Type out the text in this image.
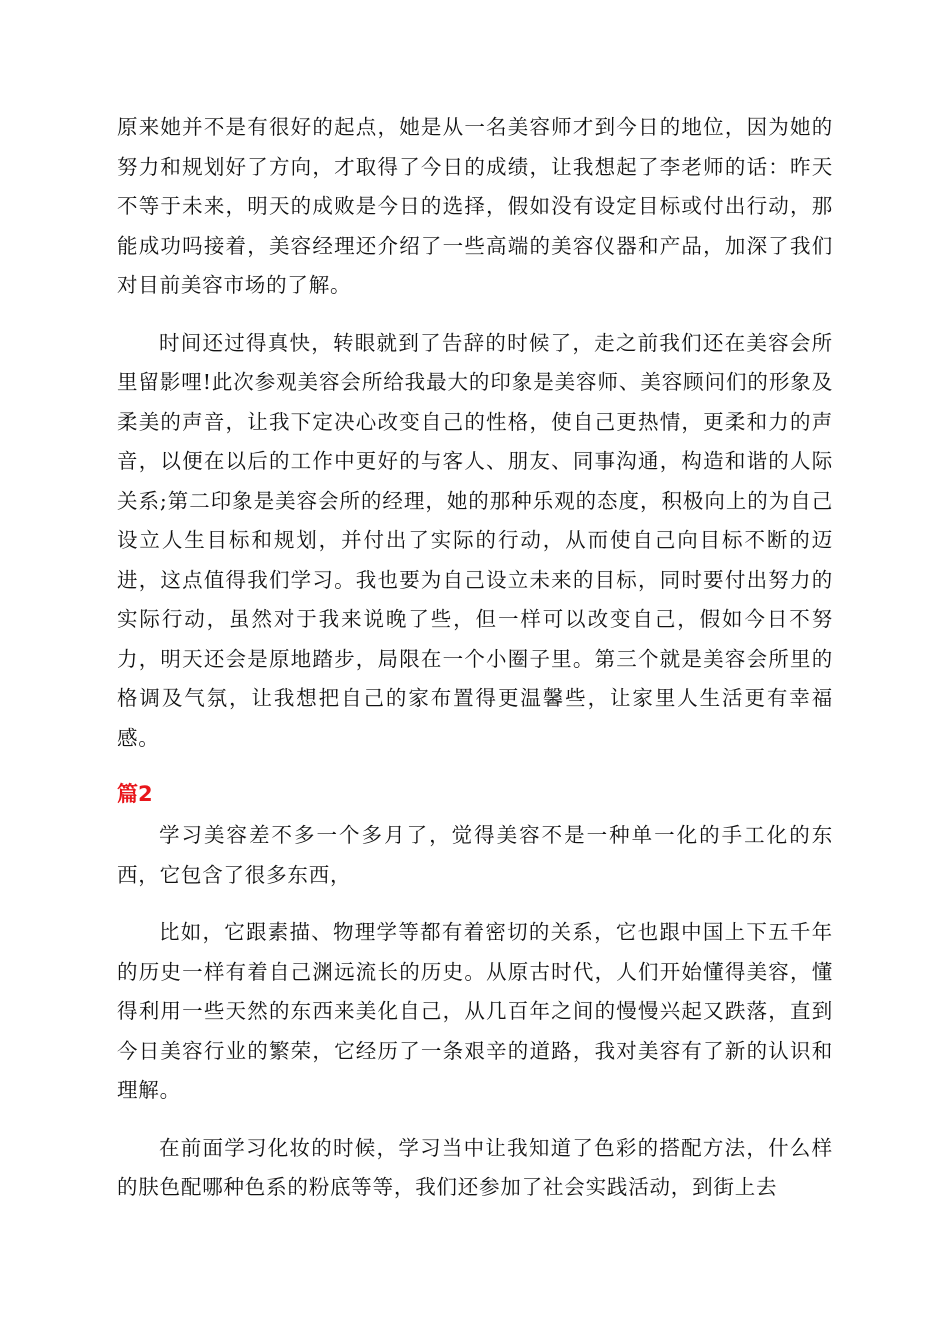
原来她并不是有很好的起点，她是从一名美容师才到今日的地位，因为她的努力和规划好了方向，才取得了今日的成绩，让我想起了李老师的话：昨天不等于未来，明天的成败是今日的选择，假如没有设定目标或付出行动，那能成功吗接着，美容经理还介绍了一些高端的美容仪器和产品，加深了我们对目前美容市场的了解。

时间还过得真快，转眼就到了告辞的时候了，走之前我们还在美容会所里留影哩!此次参观美容会所给我最大的印象是美容师、美容顾问们的形象及柔美的声音，让我下定决心改变自己的性格，使自己更热情，更柔和力的声音，以便在以后的工作中更好的与客人、朋友、同事沟通，构造和谐的人际关系;第二印象是美容会所的经理，她的那种乐观的态度，积极向上的为自己设立人生目标和规划，并付出了实际的行动，从而使自己向目标不断的迈进，这点值得我们学习。我也要为自己设立未来的目标，同时要付出努力的实际行动，虽然对于我来说晚了些，但一样可以改变自己，假如今日不努力，明天还会是原地踏步，局限在一个小圈子里。第三个就是美容会所里的格调及气氛，让我想把自己的家布置得更温馨些，让家里人生活更有幸福感。

篇2

学习美容差不多一个多月了，觉得美容不是一种单一化的手工化的东西，它包含了很多东西，

比如，它跟素描、物理学等都有着密切的关系，它也跟中国上下五千年的历史一样有着自己渊远流长的历史。从原古时代，人们开始懂得美容，懂得利用一些天然的东西来美化自己，从几百年之间的慢慢兴起又跌落，直到今日美容行业的繁荣，它经历了一条艰辛的道路，我对美容有了新的认识和理解。

在前面学习化妆的时候，学习当中让我知道了色彩的搭配方法，什么样的肤色配哪种色系的粉底等等，我们还参加了社会实践活动，到街上去
